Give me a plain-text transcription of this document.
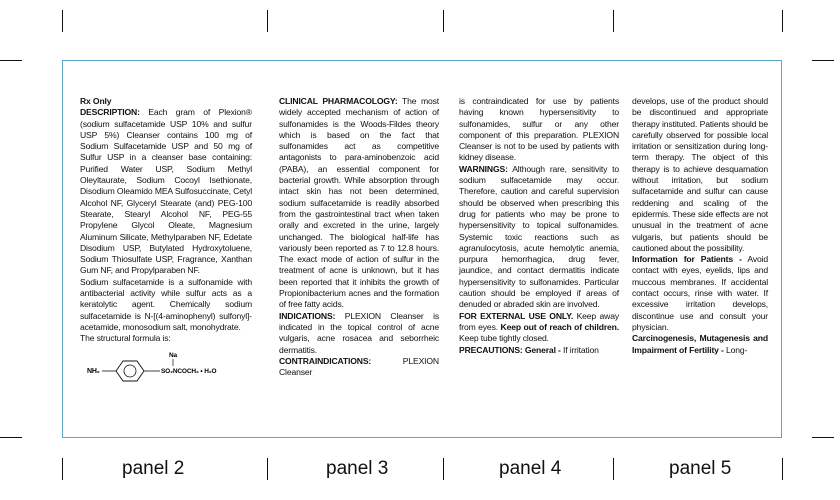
Rx Only

DESCRIPTION: Each gram of Plexion® (sodium sulfacetamide USP 10% and sulfur USP 5%) Cleanser contains 100 mg of Sodium Sulfacetamide USP and 50 mg of Sulfur USP in a cleanser base containing: Purified Water USP, Sodium Methyl Oleyltaurate, Sodium Cocoyl Isethionate, Disodium Oleamido MEA Sulfosuccinate, Cetyl Alcohol NF, Glyceryl Stearate (and) PEG-100 Stearate, Stearyl Alcohol NF, PEG-55 Propylene Glycol Oleate, Magnesium Aluminum Silicate, Methylparaben NF, Edetate Disodium USP, Butylated Hydroxytoluene, Sodium Thiosulfate USP, Fragrance, Xanthan Gum NF, and Propylparaben NF.

Sodium sulfacetamide is a sulfonamide with antibacterial activity while sulfur acts as a keratolytic agent. Chemically sodium sulfacetamide is N-[(4-aminophenyl) sulfonyl]-acetamide, monosodium salt, monohydrate.

The structural formula is:

NH₂
Na
SO₂NCOCH₃ • H₂O

CLINICAL PHARMACOLOGY: The most widely accepted mechanism of action of sulfonamides is the Woods-Fildes theory which is based on the fact that sulfonamides act as competitive antagonists to para-aminobenzoic acid (PABA), an essential component for bacterial growth. While absorption through intact skin has not been determined, sodium sulfacetamide is readily absorbed from the gastrointestinal tract when taken orally and excreted in the urine, largely unchanged. The biological half-life has variously been reported as 7 to 12.8 hours. The exact mode of action of sulfur in the treatment of acne is unknown, but it has been reported that it inhibits the growth of Propionibacterium acnes and the formation of free fatty acids.

INDICATIONS: PLEXION Cleanser is indicated in the topical control of acne vulgaris, acne rosacea and seborrheic dermatitis.

CONTRAINDICATIONS: PLEXION Cleanser

is contraindicated for use by patients having known hypersensitivity to sulfonamides, sulfur or any other component of this preparation. PLEXION Cleanser is not to be used by patients with kidney disease.

WARNINGS: Although rare, sensitivity to sodium sulfacetamide may occur. Therefore, caution and careful supervision should be observed when prescribing this drug for patients who may be prone to hypersensitivity to topical sulfonamides. Systemic toxic reactions such as agranulocytosis, acute hemolytic anemia, purpura hemorrhagica, drug fever, jaundice, and contact dermatitis indicate hypersensitivity to sulfonamides. Particular caution should be employed if areas of denuded or abraded skin are involved.

FOR EXTERNAL USE ONLY. Keep away from eyes. Keep out of reach of children. Keep tube tightly closed.

PRECAUTIONS: General - If irritation

develops, use of the product should be discontinued and appropriate therapy instituted. Patients should be carefully observed for possible local irritation or sensitization during long-term therapy. The object of this therapy is to achieve desquamation without irritation, but sodium sulfacetamide and sulfur can cause reddening and scaling of the epidermis. These side effects are not unusual in the treatment of acne vulgaris, but patients should be cautioned about the possibility.

Information for Patients - Avoid contact with eyes, eyelids, lips and muccous membranes. If accidental contact occurs, rinse with water. If excessive irritation develops, discontinue use and consult your physician.

Carcinogenesis, Mutagenesis and Impairment of Fertility - Long-

panel 2	panel 3	panel 4	panel 5
